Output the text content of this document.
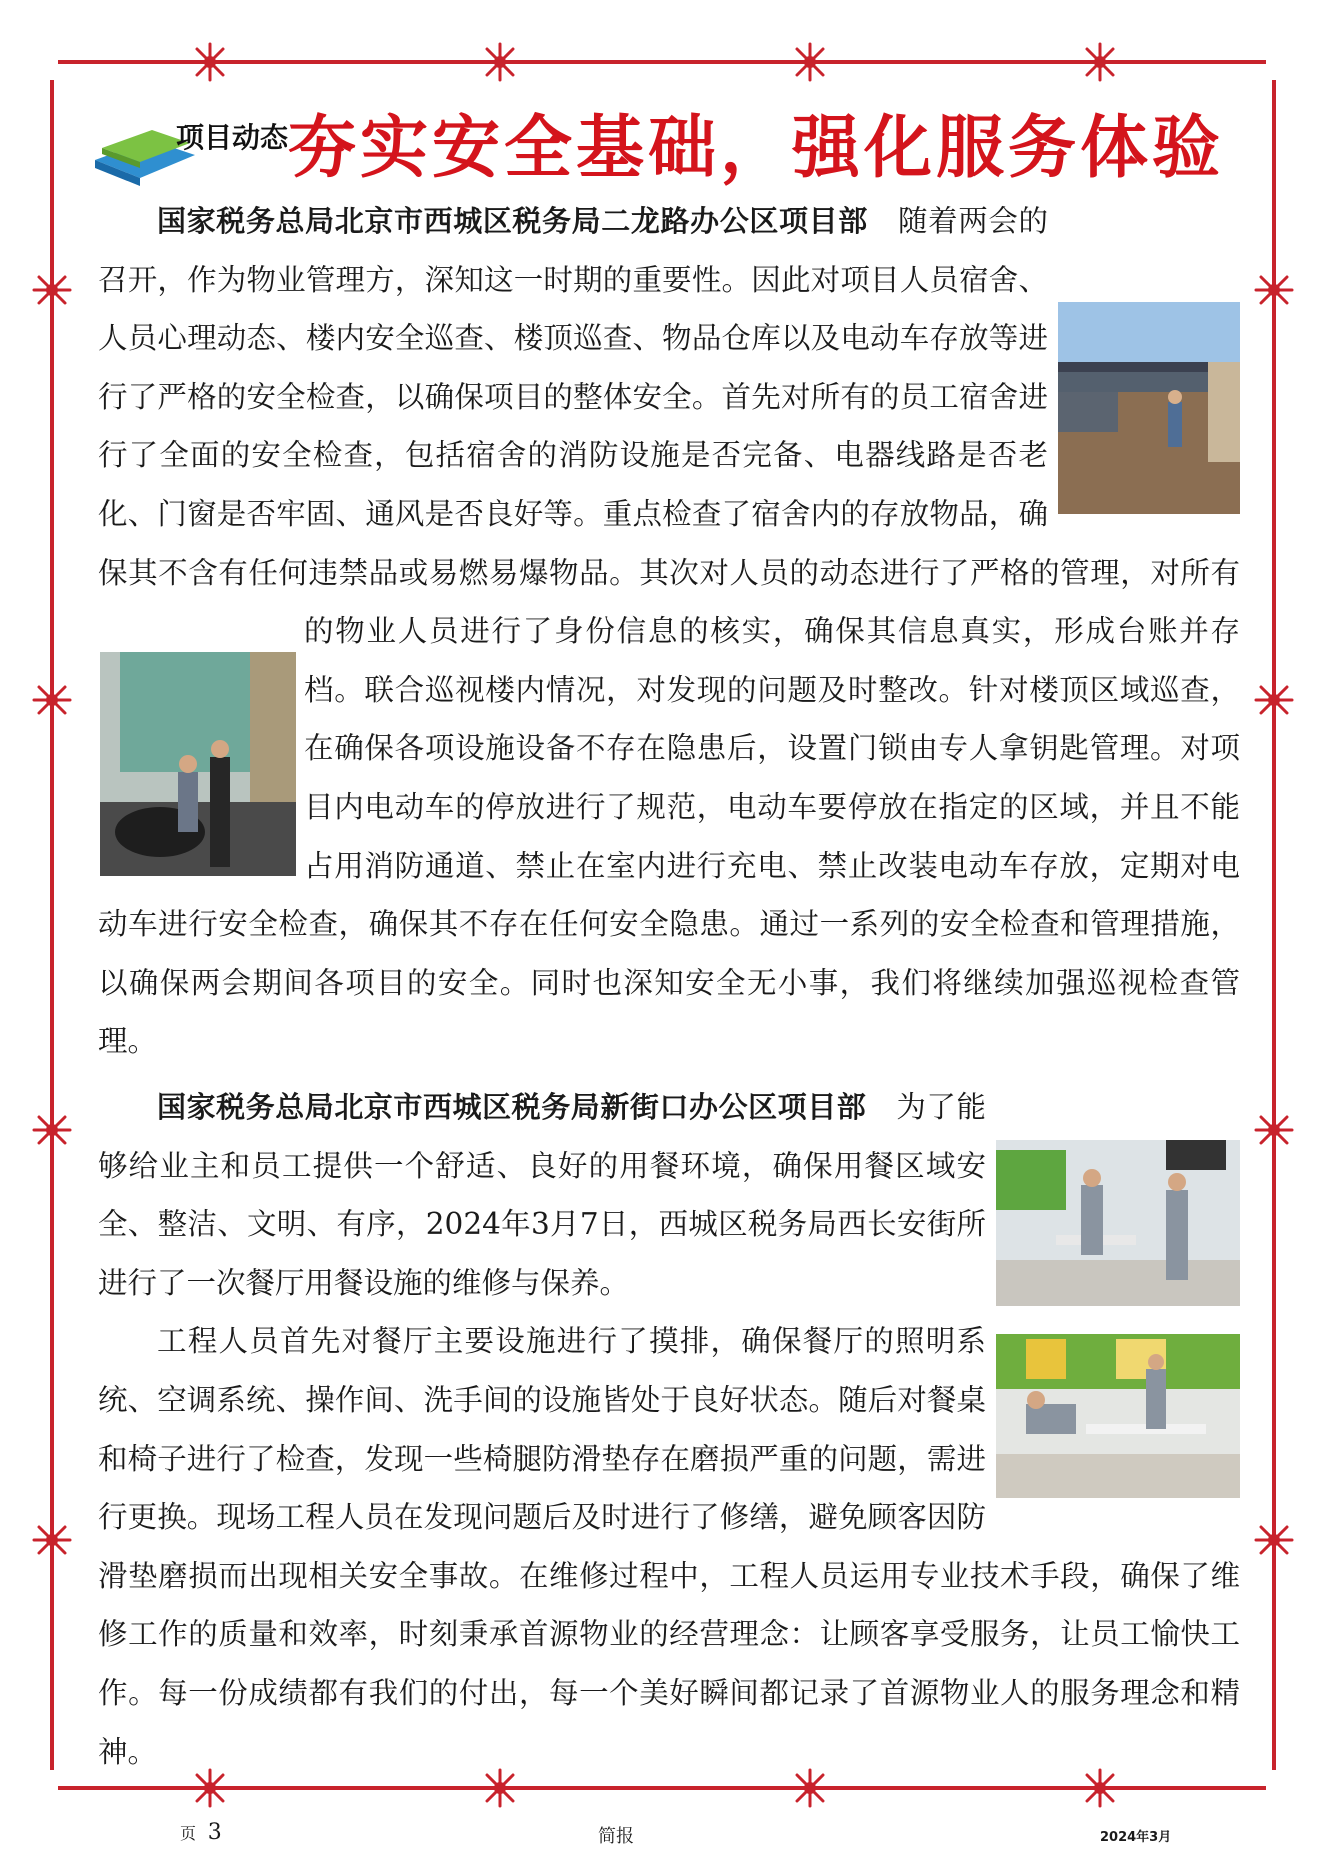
项目动态 夯实安全基础，强化服务体验

国家税务总局北京市西城区税务局二龙路办公区项目部  随着两会的召开，作为物业管理方，深知这一时期的重要性。因此对项目人员宿舍、人员心理动态、楼内安全巡查、楼顶巡查、物品仓库以及电动车存放等进行了严格的安全检查，以确保项目的整体安全。首先对所有的员工宿舍进行了全面的安全检查，包括宿舍的消防设施是否完备、电器线路是否老化、门窗是否牢固、通风是否良好等。重点检查了宿舍内的存放物品，确保其不含有任何违禁品或易燃易爆物品。其次对人员的动态进行了严格的管理，对所有的物业人员进行了身份信息的核实，确保其信息真实，形成台账并存档。联合巡视楼内情况，对发现的问题及时整改。针对楼顶区域巡查，在确保各项设施设备不存在隐患后，设置门锁由专人拿钥匙管理。对项目内电动车的停放进行了规范，电动车要停放在指定的区域，并且不能占用消防通道、禁止在室内进行充电、禁止改装电动车存放，定期对电动车进行安全检查，确保其不存在任何安全隐患。通过一系列的安全检查和管理措施，以确保两会期间各项目的安全。同时也深知安全无小事，我们将继续加强巡视检查管理。

国家税务总局北京市西城区税务局新街口办公区项目部  为了能够给业主和员工提供一个舒适、良好的用餐环境，确保用餐区域安全、整洁、文明、有序，2024年3月7日，西城区税务局西长安街所进行了一次餐厅用餐设施的维修与保养。

工程人员首先对餐厅主要设施进行了摸排，确保餐厅的照明系统、空调系统、操作间、洗手间的设施皆处于良好状态。随后对餐桌和椅子进行了检查，发现一些椅腿防滑垫存在磨损严重的问题，需进行更换。现场工程人员在发现问题后及时进行了修缮，避免顾客因防滑垫磨损而出现相关安全事故。在维修过程中，工程人员运用专业技术手段，确保了维修工作的质量和效率，时刻秉承首源物业的经营理念：让顾客享受服务，让员工愉快工作。每一份成绩都有我们的付出，每一个美好瞬间都记录了首源物业人的服务理念和精神。

页 3	简报	2024年3月
